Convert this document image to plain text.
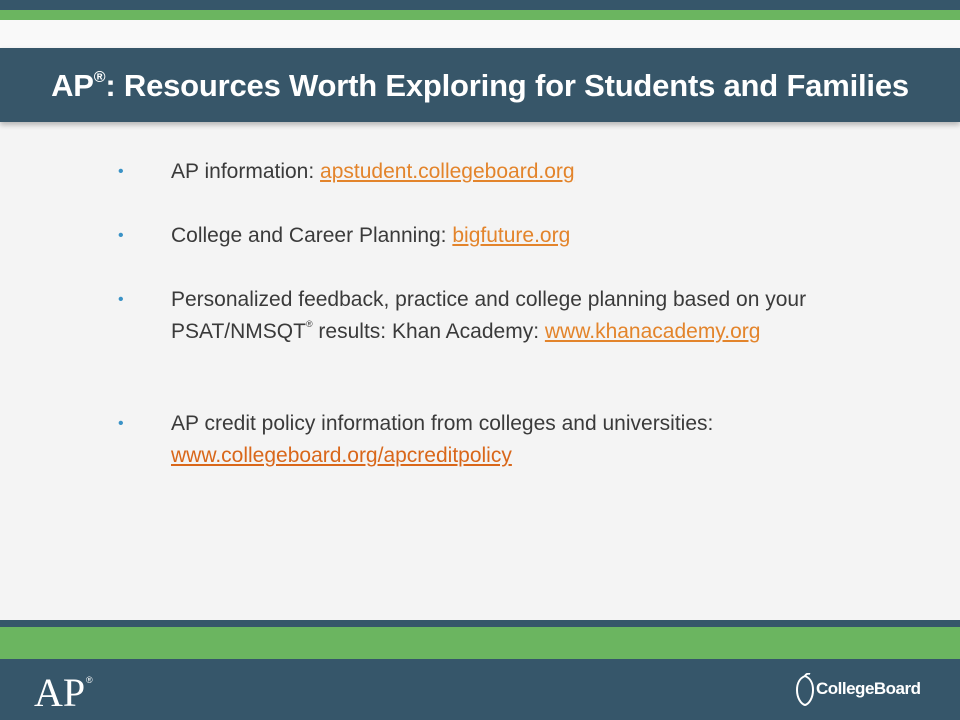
AP®: Resources Worth Exploring for Students and Families
• AP information: apstudent.collegeboard.org
• College and Career Planning: bigfuture.org
• Personalized feedback, practice and college planning based on your PSAT/NMSQT® results: Khan Academy: www.khanacademy.org
• AP credit policy information from colleges and universities: www.collegeboard.org/apcreditpolicy
AP ®	CollegeBoard
